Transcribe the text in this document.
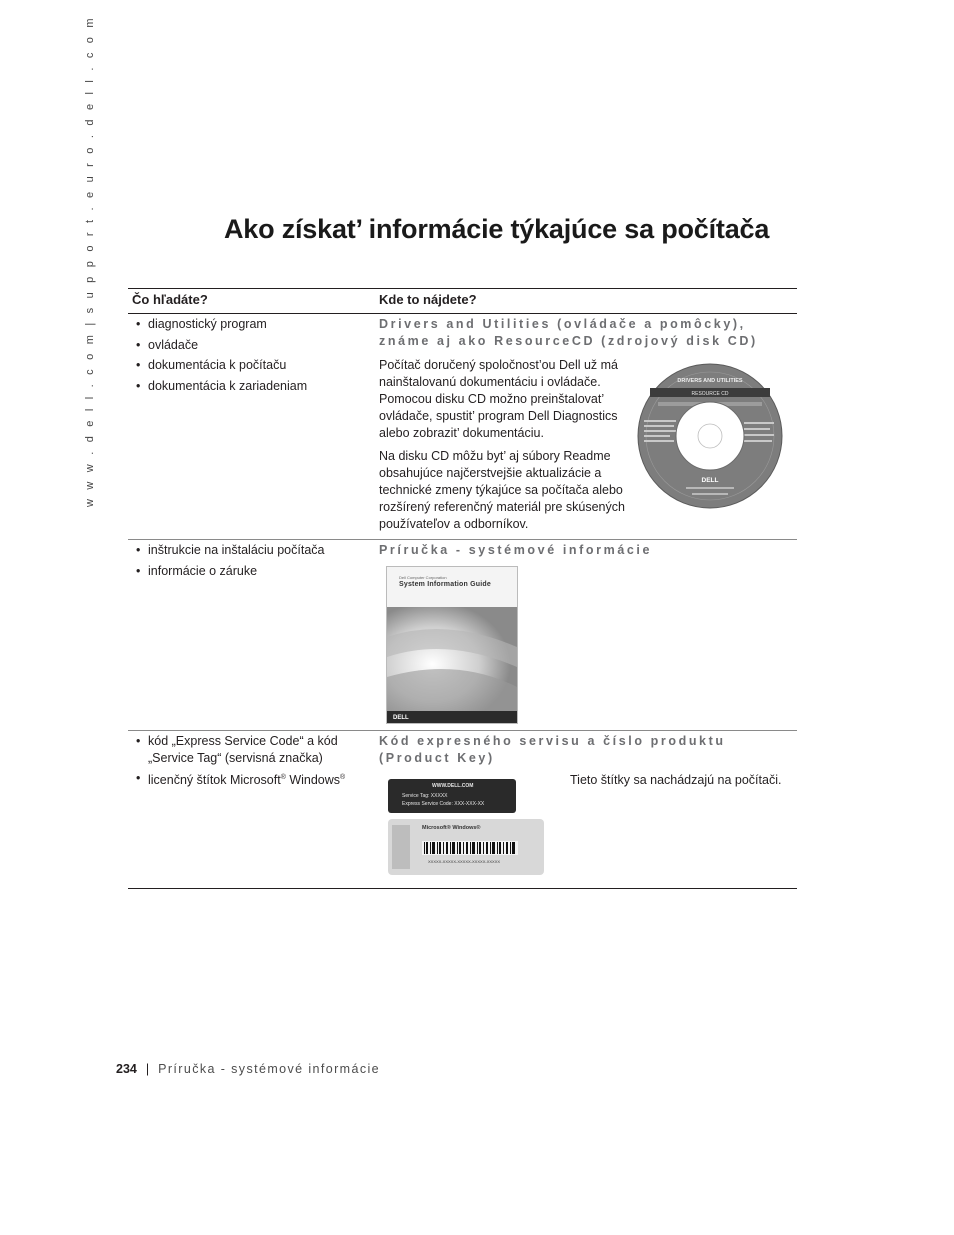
w w w . d e l l . c o m | s u p p o r t . e u r o . d e l l . c o m	Ako získat’ informácie týkajúce sa počítača
Čo hľadáte?	Kde to nájdete?
• diagnostický program
• ovládače
• dokumentácia k počítaču
• dokumentácia k zariadeniam
Drivers and Utilities (ovládače a pomôcky), známe aj ako ResourceCD (zdrojový disk CD)

Počítač doručený spoločnost’ou Dell už má nainštalovanú dokumentáciu i ovládače. Pomocou disku CD možno preinštalovat’ ovládače, spustit’ program Dell Diagnostics alebo zobrazit’ dokumentáciu.

Na disku CD môžu byt’ aj súbory Readme obsahujúce najčerstvejšie aktualizácie a technické zmeny týkajúce sa počítača alebo rozšírený referenčný materiál pre skúsených používateľov a odborníkov.

RESOURCE CD
DRIVERS AND UTILITIES
DELL
• inštrukcie na inštaláciu počítača
• informácie o záruke
Príručka - systémové informácie
Dell Computer Corporation
System Information Guide
DELL
• kód „Express Service Code“ a kód „Service Tag“ (servisná značka)
• licenčný štítok Microsoft® Windows®
Kód expresného servisu a číslo produktu (Product Key)
Tieto štítky sa nachádzajú na počítači.
WWW.DELL.COM
Service Tag: XXXXX
Express Service Code: XXX-XXX-XX
Microsoft® Windows®
XXXXX-XXXXX-XXXXX-XXXXX-XXXXX
234 | Príručka - systémové informácie
